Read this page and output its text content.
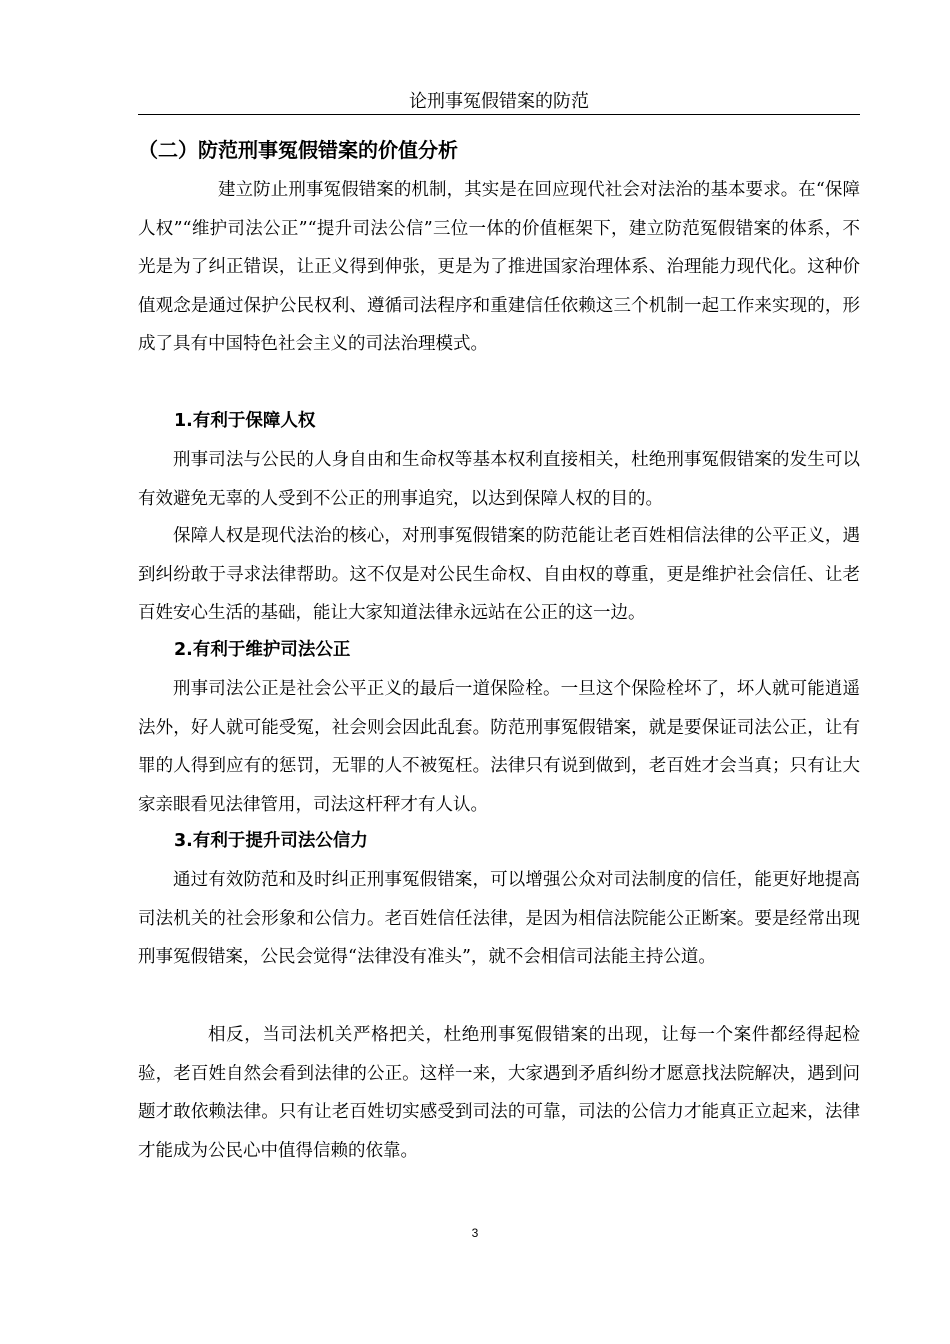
论刑事冤假错案的防范
（二）防范刑事冤假错案的价值分析

建立防止刑事冤假错案的机制，其实是在回应现代社会对法治的基本要求。在“保障人权”“维护司法公正”“提升司法公信”三位一体的价值框架下，建立防范冤假错案的体系，不光是为了纠正错误，让正义得到伸张，更是为了推进国家治理体系、治理能力现代化。这种价值观念是通过保护公民权利、遵循司法程序和重建信任依赖这三个机制一起工作来实现的，形成了具有中国特色社会主义的司法治理模式。

1.有利于保障人权

刑事司法与公民的人身自由和生命权等基本权利直接相关，杜绝刑事冤假错案的发生可以有效避免无辜的人受到不公正的刑事追究，以达到保障人权的目的。

保障人权是现代法治的核心，对刑事冤假错案的防范能让老百姓相信法律的公平正义，遇到纠纷敢于寻求法律帮助。这不仅是对公民生命权、自由权的尊重，更是维护社会信任、让老百姓安心生活的基础，能让大家知道法律永远站在公正的这一边。

2.有利于维护司法公正

刑事司法公正是社会公平正义的最后一道保险栓。一旦这个保险栓坏了，坏人就可能逍遥法外，好人就可能受冤，社会则会因此乱套。防范刑事冤假错案，就是要保证司法公正，让有罪的人得到应有的惩罚，无罪的人不被冤枉。法律只有说到做到，老百姓才会当真；只有让大家亲眼看见法律管用，司法这杆秤才有人认。

3.有利于提升司法公信力

通过有效防范和及时纠正刑事冤假错案，可以增强公众对司法制度的信任，能更好地提高司法机关的社会形象和公信力。老百姓信任法律，是因为相信法院能公正断案。要是经常出现刑事冤假错案，公民会觉得“法律没有准头”，就不会相信司法能主持公道。

相反，当司法机关严格把关，杜绝刑事冤假错案的出现，让每一个案件都经得起检验，老百姓自然会看到法律的公正。这样一来，大家遇到矛盾纠纷才愿意找法院解决，遇到问题才敢依赖法律。只有让老百姓切实感受到司法的可靠，司法的公信力才能真正立起来，法律才能成为公民心中值得信赖的依靠。

3
